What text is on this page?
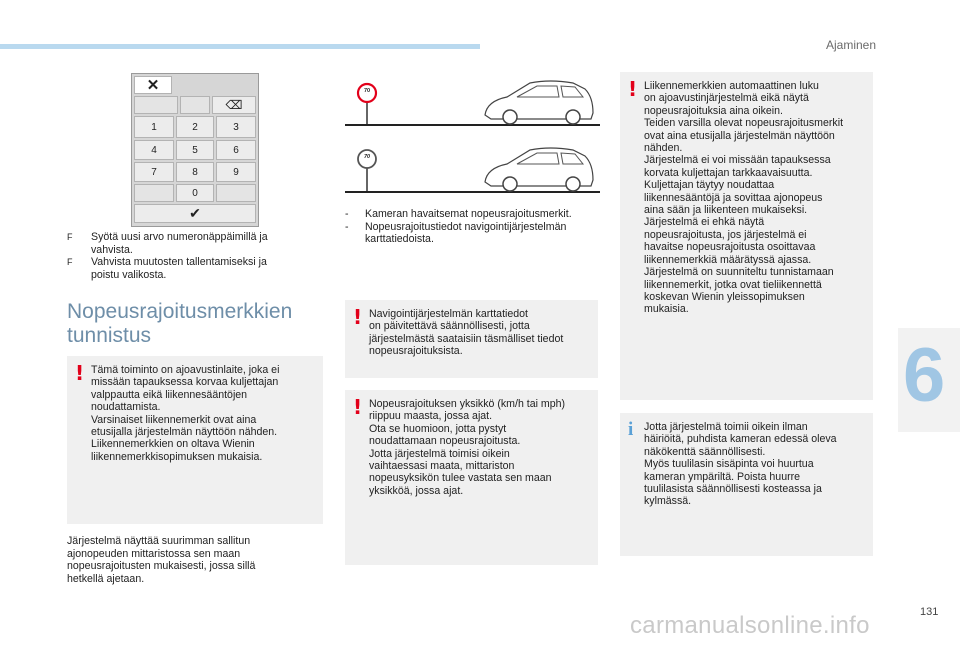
Ajaminen
6
131
carmanualsonline.info
✕
⌫
1	2	3
4	5	6
7	8	9
0
✔
70
70
F Syötä uusi arvo numeronäppäimillä ja vahvista.
F Vahvista muutosten tallentamiseksi ja poistu valikosta.
Nopeusrajoitusmerkkien tunnistus
! Tämä toiminto on ajoavustinlaite, joka ei
missään tapauksessa korvaa kuljettajan
valppautta eikä liikennesääntöjen
noudattamista.
Varsinaiset liikennemerkit ovat aina
etusijalla järjestelmän näyttöön nähden.
Liikennemerkkien on oltava Wienin
liikennemerkkisopimuksen mukaisia.
Järjestelmä näyttää suurimman sallitun
ajonopeuden mittaristossa sen maan
nopeusrajoitusten mukaisesti, jossa sillä
hetkellä ajetaan.
- Kameran havaitsemat nopeusrajoitusmerkit.
- Nopeusrajoitustiedot navigointijärjestelmän karttatiedoista.
! Navigointijärjestelmän karttatiedot
on päivitettävä säännöllisesti, jotta
järjestelmästä saataisiin täsmälliset tiedot
nopeusrajoituksista.
! Nopeusrajoituksen yksikkö (km/h tai mph)
riippuu maasta, jossa ajat.
Ota se huomioon, jotta pystyt
noudattamaan nopeusrajoitusta.
Jotta järjestelmä toimisi oikein
vaihtaessasi maata, mittariston
nopeusyksikön tulee vastata sen maan
yksikköä, jossa ajat.
! Liikennemerkkien automaattinen luku
on ajoavustinjärjestelmä eikä näytä
nopeusrajoituksia aina oikein.
Teiden varsilla olevat nopeusrajoitusmerkit
ovat aina etusijalla järjestelmän näyttöön
nähden.
Järjestelmä ei voi missään tapauksessa
korvata kuljettajan tarkkaavaisuutta.
Kuljettajan täytyy noudattaa
liikennesääntöjä ja sovittaa ajonopeus
aina sään ja liikenteen mukaiseksi.
Järjestelmä ei ehkä näytä
nopeusrajoitusta, jos järjestelmä ei
havaitse nopeusrajoitusta osoittavaa
liikennemerkkiä määrätyssä ajassa.
Järjestelmä on suunniteltu tunnistamaan
liikennemerkit, jotka ovat tieliikennettä
koskevan Wienin yleissopimuksen
mukaisia.
i	Jotta järjestelmä toimii oikein ilman
häiriöitä, puhdista kameran edessä oleva
näkökenttä säännöllisesti.
Myös tuulilasin sisäpinta voi huurtua
kameran ympäriltä. Poista huurre
tuulilasista säännöllisesti kosteassa ja
kylmässä.
